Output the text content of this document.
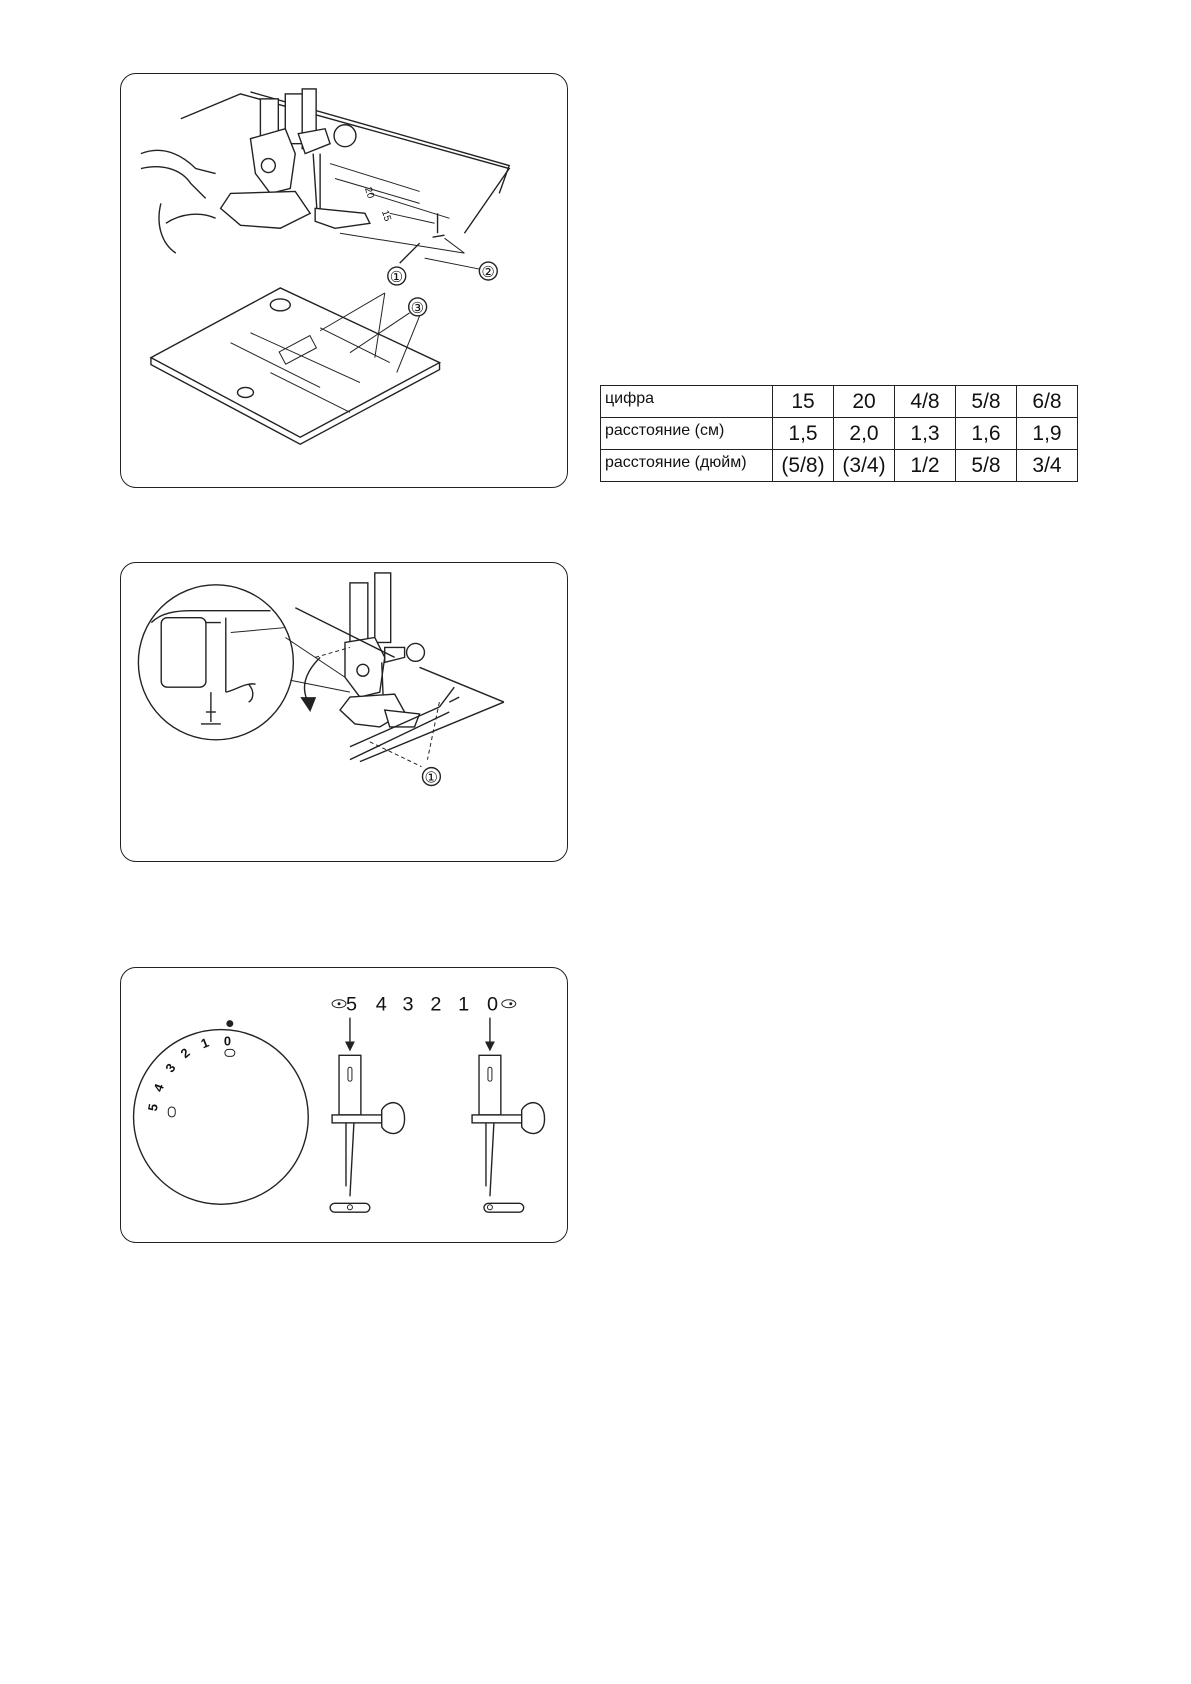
20
15
①	②
③
цифра	15	20	4/8	5/8	6/8
расстояние (см)	1,5	2,0	1,3	1,6	1,9
расстояние (дюйм)	(5/8)	(3/4)	1/2	5/8	3/4
①
5
4
3
2
1 0
5 4 3 2 1 0
